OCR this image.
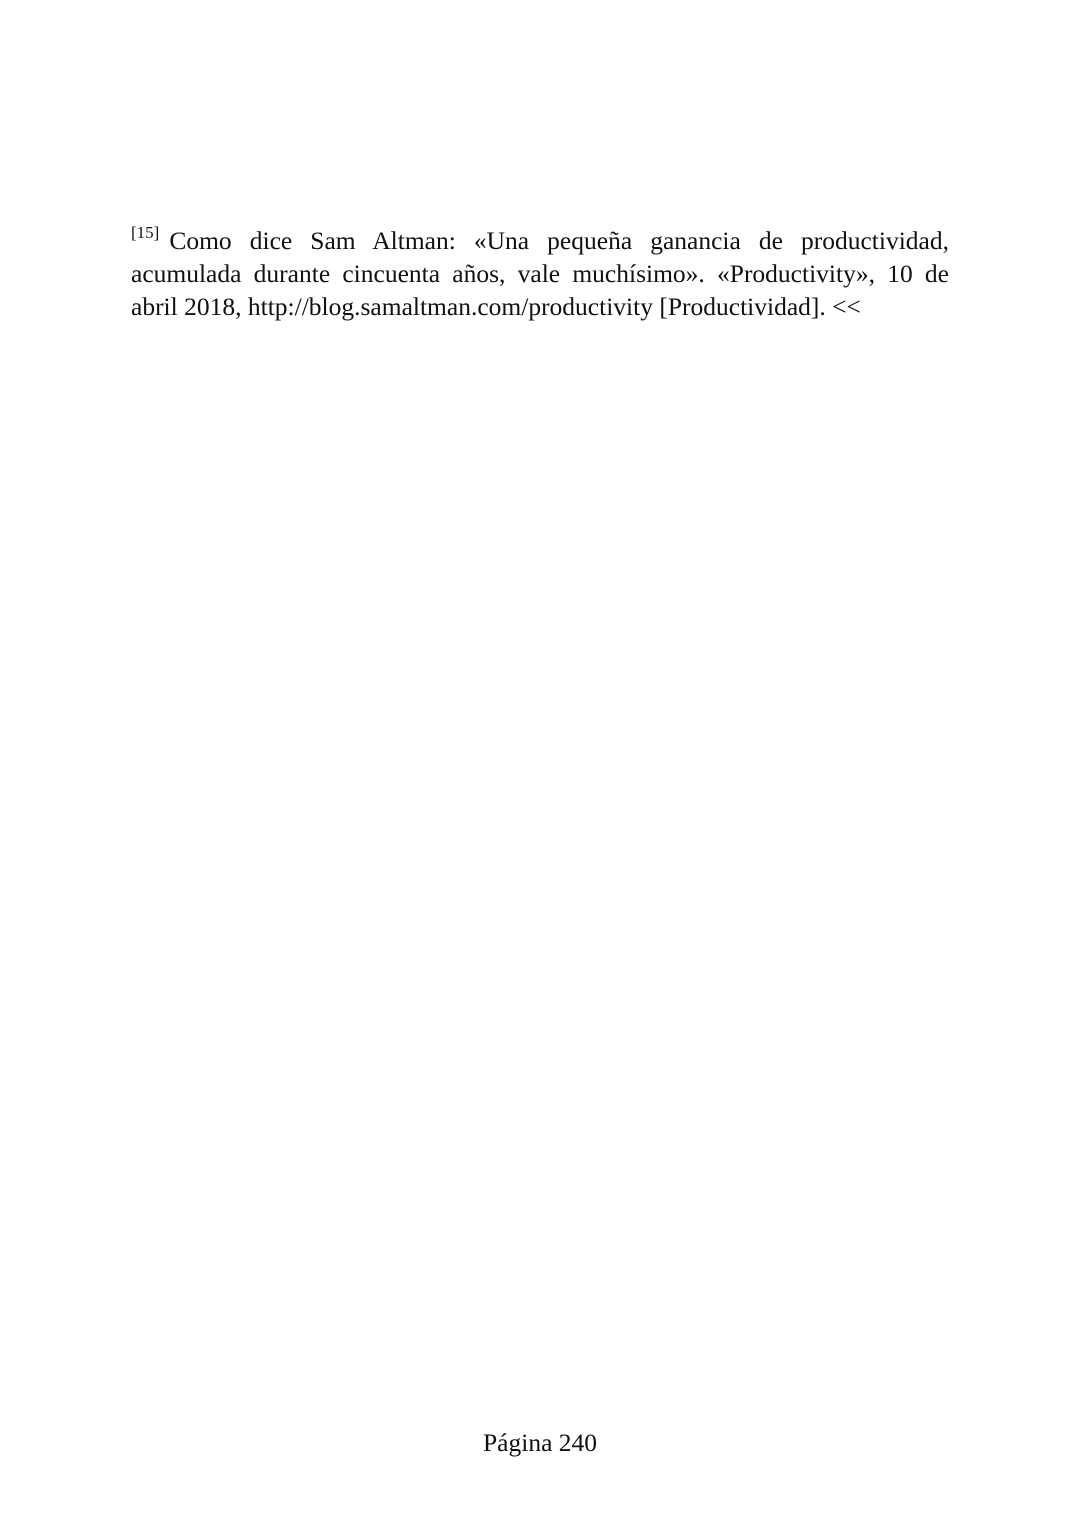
[15] Como dice Sam Altman: «Una pequeña ganancia de productividad, acumulada durante cincuenta años, vale muchísimo». «Productivity», 10 de abril 2018, http://blog.samaltman.com/productivity [Productividad]. <<

Página 240
